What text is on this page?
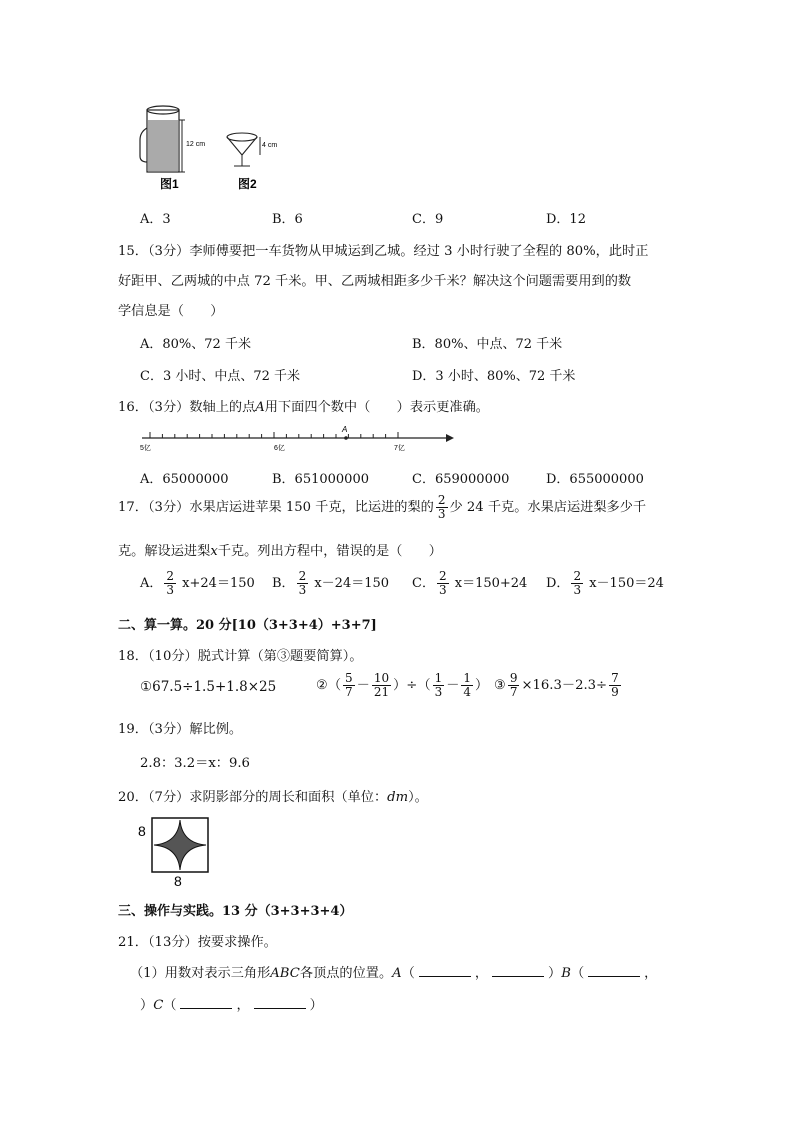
12 cm	4 cm
图1	图2
A．3	B．6	C．9	D．12
15．（3分）李师傅要把一车货物从甲城运到乙城。经过 3 小时行驶了全程的 80%，此时正
好距甲、乙两城的中点 72 千米。甲、乙两城相距多少千米？解决这个问题需要用到的数
学信息是（　　）
A．80%、72 千米	B．80%、中点、72 千米
C．3 小时、中点、72 千米	D．3 小时、80%、72 千米
16．（3分）数轴上的点A用下面四个数中（　　）表示更准确。
5亿	6亿	7亿
A
A．65000000	B．651000000	C．659000000	D．655000000
17．（3分）水果店运进苹果 150 千克，比运进的梨的 $\frac{2}{3}$ 少 24 千克。水果店运进梨多少千
克。解设运进梨x千克。列出方程中，错误的是（　　）
A． $\frac{2}{3} x+24=150$ B． $\frac{2}{3} x-24=150$ C． $\frac{2}{3} x=150+24$ D． $\frac{2}{3} x-150=24$
二、算一算。20 分[10（3+3+4）+3+7]
18．（10分）脱式计算（第③题要简算）。
①67.5÷1.5+1.8×25	②（ $\frac{5}{7} - \frac{10}{21}$ ）÷（ $\frac{1}{3} - \frac{1}{4}$ ） ③ $\frac{9}{7} \times 16.3-2.3\div \frac{7}{9}$
19．（3分）解比例。
2.8：3.2＝x：9.6
20．（7分）求阴影部分的周长和面积（单位：dm）。
8
8
三、操作与实践。13 分（3+3+3+4）
21．（13分）按要求操作。
（1）用数对表示三角形ABC各顶点的位置。A（	，	）B（	，
）C（	，	）
